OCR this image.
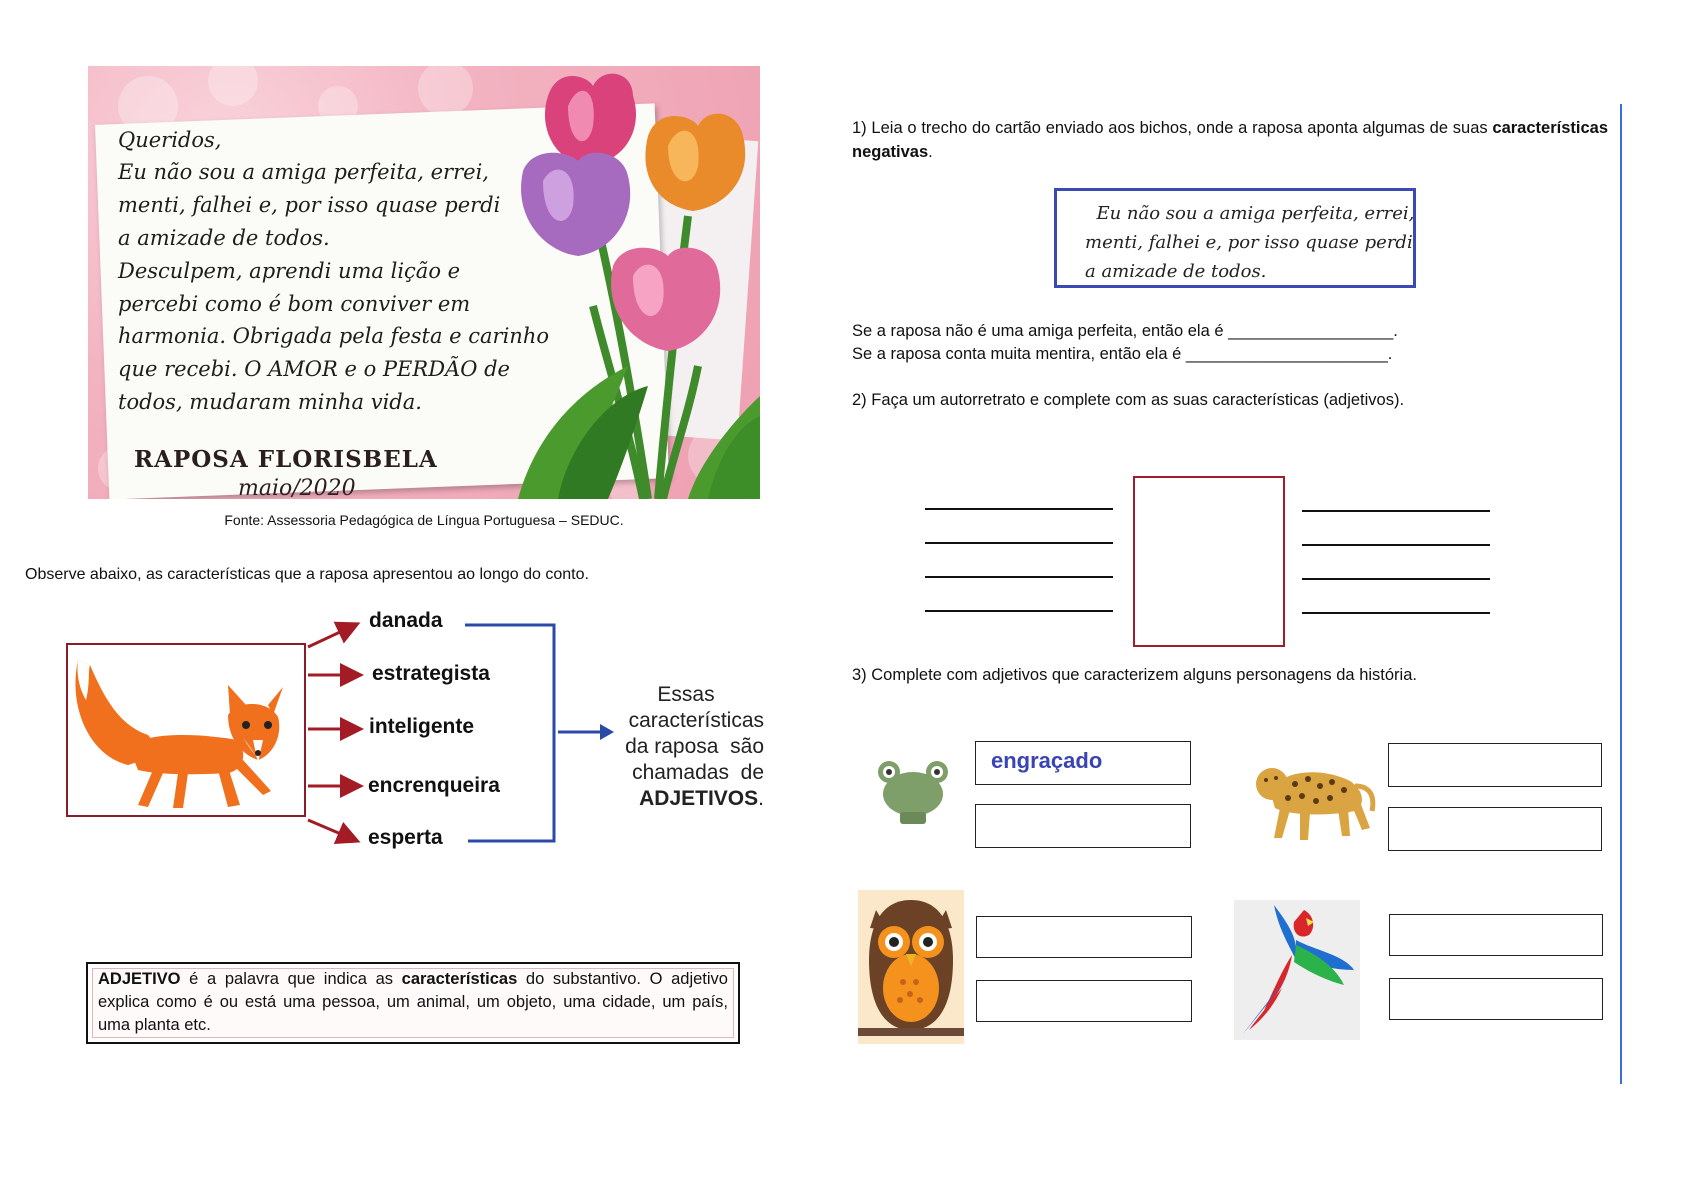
Queridos,
Eu não sou a amiga perfeita, errei,
menti, falhei e, por isso quase perdi
a amizade de todos.
Desculpem, aprendi uma lição e
percebi como é bom conviver em
harmonia. Obrigada pela festa e carinho
que recebi. O AMOR e o PERDÃO de
todos, mudaram minha vida.
RAPOSA FLORISBELA
maio/2020
Fonte: Assessoria Pedagógica de Língua Portuguesa – SEDUC.
Observe abaixo, as características que a raposa apresentou ao longo do conto.
danada
estrategista
inteligente
encrenqueira
esperta
Essas
características
da raposa  são
chamadas  de
ADJETIVOS.
ADJETIVO é a palavra que indica as características do substantivo. O adjetivo explica como é ou está uma pessoa, um animal, um objeto, uma cidade, um país, uma planta etc.
1) Leia o trecho do cartão enviado aos bichos, onde a raposa aponta algumas de suas características negativas.
Eu não sou a amiga perfeita, errei,
menti, falhei e, por isso quase perdi
a amizade de todos.
Se a raposa não é uma amiga perfeita, então ela é __________________.
Se a raposa conta muita mentira, então ela é ______________________.
2) Faça um autorretrato e complete com as suas características (adjetivos).
3) Complete com adjetivos que caracterizem alguns personagens da história.
engraçado
